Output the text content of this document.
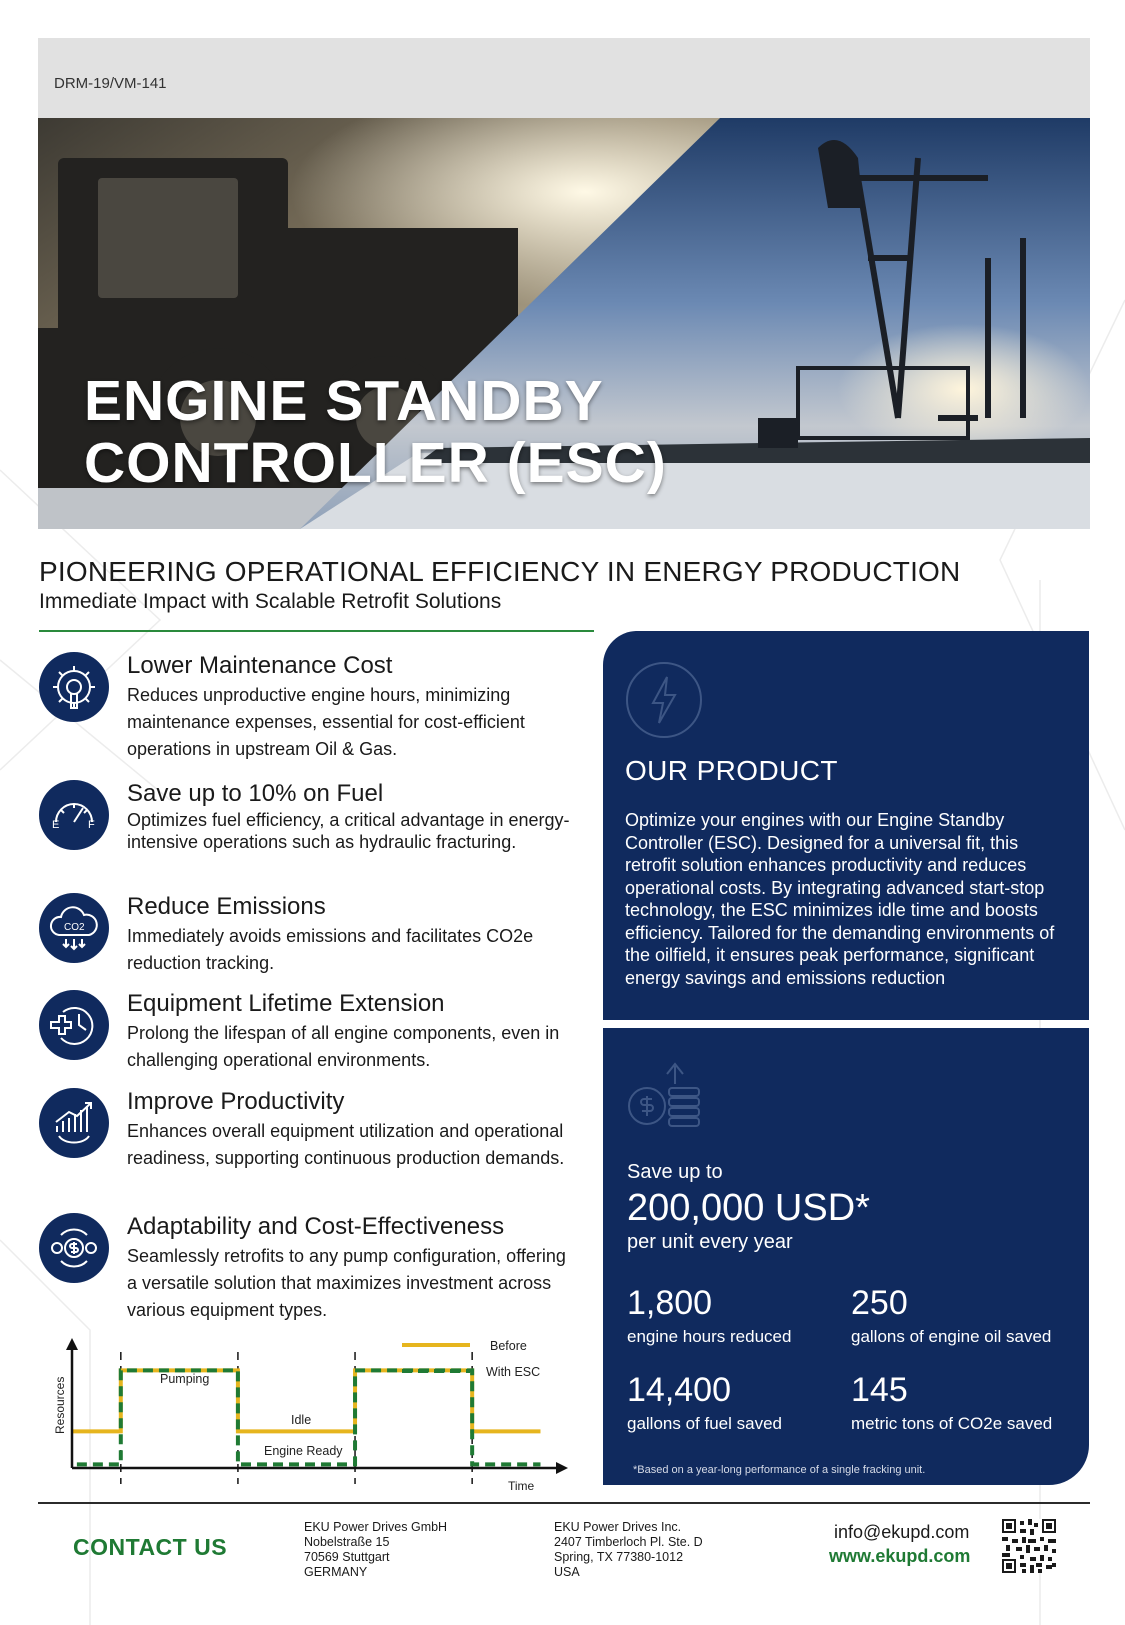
DRM-19/VM-141
ENGINE STANDBY
CONTROLLER (ESC)
PIONEERING OPERATIONAL EFFICIENCY IN ENERGY PRODUCTION
Immediate Impact with Scalable Retrofit Solutions
Lower Maintenance Cost
Reduces unproductive engine hours, minimizing maintenance expenses, essential for cost-efficient operations in upstream Oil & Gas.
E	F
Save up to 10% on Fuel
Optimizes fuel efficiency, a critical advantage in energy-intensive operations such as hydraulic fracturing.
CO2
Reduce Emissions
Immediately avoids emissions and facilitates CO2e reduction tracking.
Equipment Lifetime Extension
Prolong the lifespan of all engine components, even in challenging operational environments.
Improve Productivity
Enhances overall equipment utilization and operational readiness, supporting continuous production demands.
Adaptability and Cost-Effectiveness
Seamlessly retrofits to any pump configuration, offering a versatile solution that maximizes investment across various equipment types.
Resources
Time
Pumping
Idle
Engine Ready
Before
With ESC
OUR PRODUCT
Optimize your engines with our Engine Standby Controller (ESC). Designed for a universal fit, this retrofit solution enhances productivity and reduces operational costs. By integrating advanced start-stop technology, the ESC minimizes idle time and boosts efficiency. Tailored for the demanding environments of the oilfield, it ensures peak performance, significant energy savings and emissions reduction
Save up to
200,000 USD*
per unit every year
1,800
engine hours reduced
250
gallons of engine oil saved
14,400
gallons of fuel saved
145
metric tons of CO2e saved
*Based on a year-long performance of a single fracking unit.
CONTACT US
EKU Power Drives GmbH
Nobelstraße 15
70569 Stuttgart
GERMANY
EKU Power Drives Inc.
2407 Timberloch Pl. Ste. D
Spring, TX 77380-1012
USA
info@ekupd.com
www.ekupd.com
